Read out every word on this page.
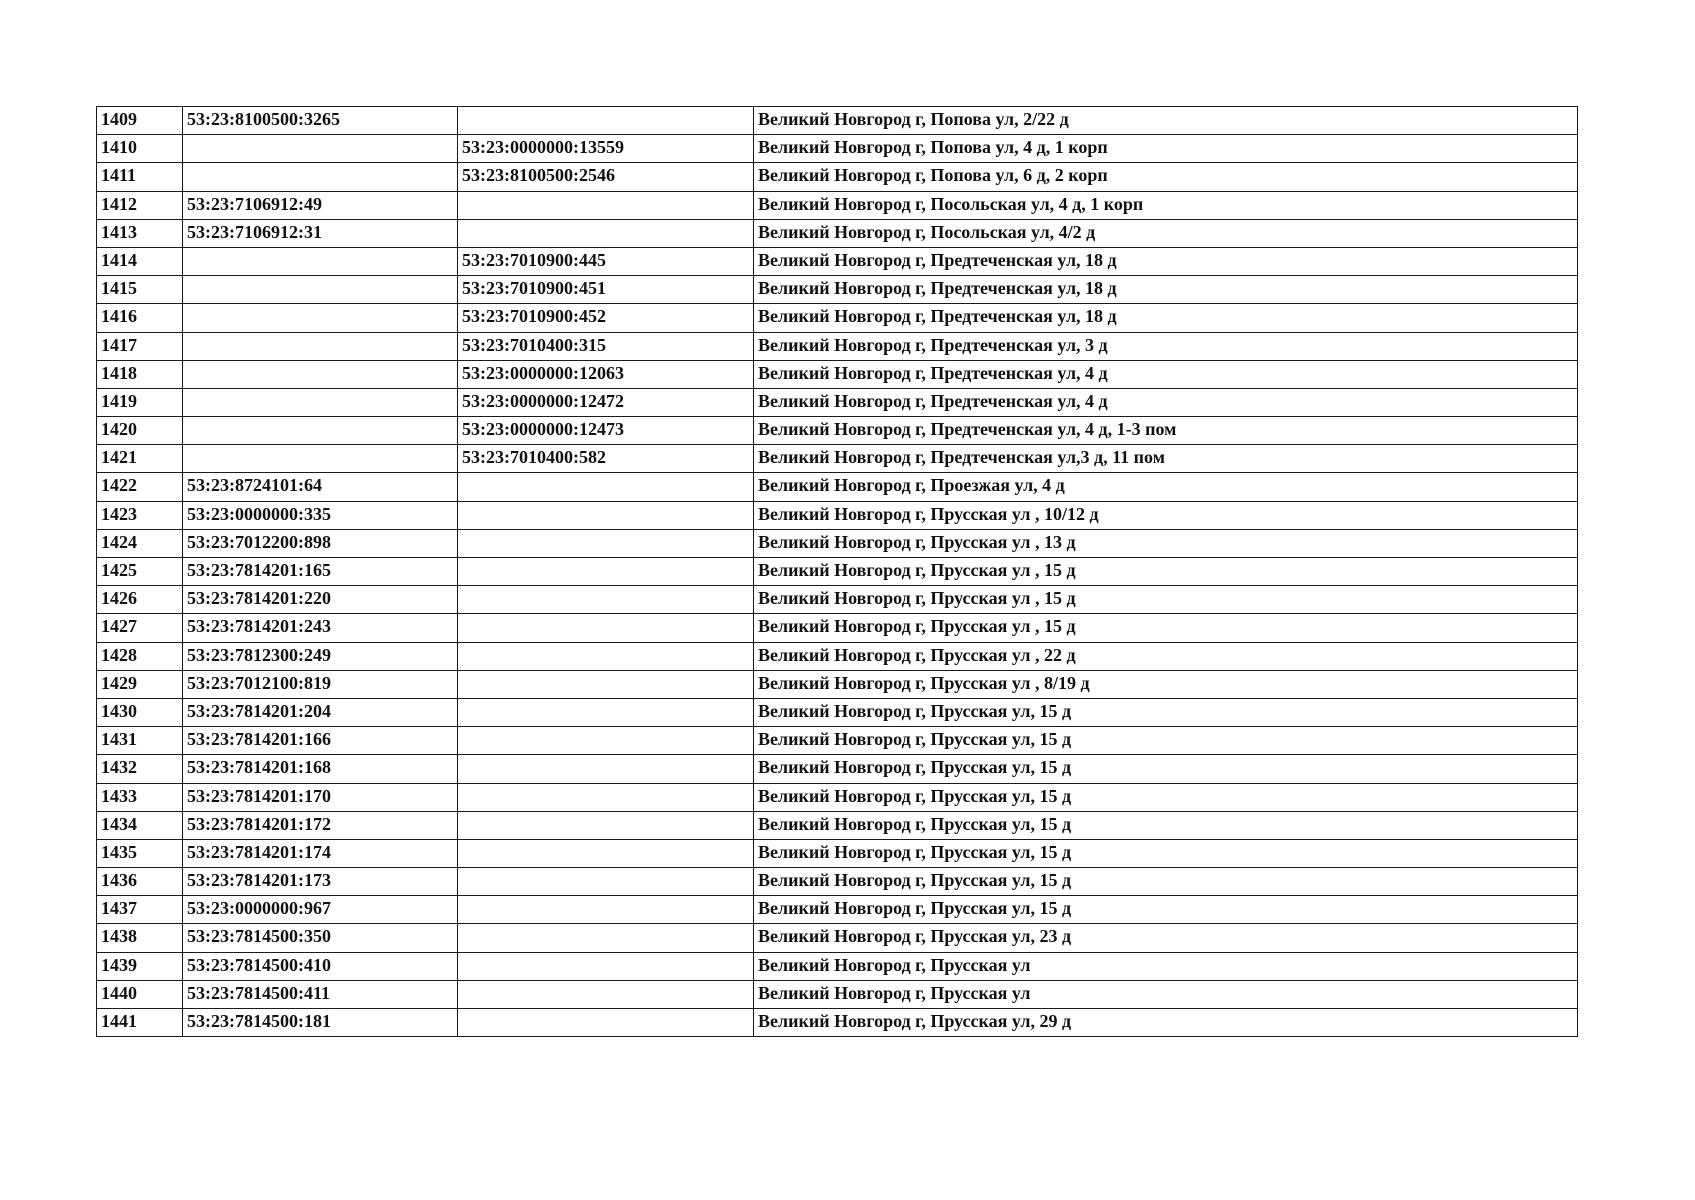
1409	53:23:8100500:3265		Великий Новгород г, Попова ул, 2/22 д
1410		53:23:0000000:13559	Великий Новгород г, Попова ул, 4 д, 1 корп
1411		53:23:8100500:2546	Великий Новгород г, Попова ул, 6 д, 2 корп
1412	53:23:7106912:49		Великий Новгород г, Посольская ул, 4 д, 1 корп
1413	53:23:7106912:31		Великий Новгород г, Посольская ул, 4/2 д
1414		53:23:7010900:445	Великий Новгород г, Предтеченская ул, 18 д
1415		53:23:7010900:451	Великий Новгород г, Предтеченская ул, 18 д
1416		53:23:7010900:452	Великий Новгород г, Предтеченская ул, 18 д
1417		53:23:7010400:315	Великий Новгород г, Предтеченская ул, 3 д
1418		53:23:0000000:12063	Великий Новгород г, Предтеченская ул, 4 д
1419		53:23:0000000:12472	Великий Новгород г, Предтеченская ул, 4 д
1420		53:23:0000000:12473	Великий Новгород г, Предтеченская ул, 4 д, 1-3 пом
1421		53:23:7010400:582	Великий Новгород г, Предтеченская ул,3 д, 11 пом
1422	53:23:8724101:64		Великий Новгород г, Проезжая ул, 4 д
1423	53:23:0000000:335		Великий Новгород г, Прусская ул , 10/12 д
1424	53:23:7012200:898		Великий Новгород г, Прусская ул , 13 д
1425	53:23:7814201:165		Великий Новгород г, Прусская ул , 15 д
1426	53:23:7814201:220		Великий Новгород г, Прусская ул , 15 д
1427	53:23:7814201:243		Великий Новгород г, Прусская ул , 15 д
1428	53:23:7812300:249		Великий Новгород г, Прусская ул , 22 д
1429	53:23:7012100:819		Великий Новгород г, Прусская ул , 8/19 д
1430	53:23:7814201:204		Великий Новгород г, Прусская ул, 15 д
1431	53:23:7814201:166		Великий Новгород г, Прусская ул, 15 д
1432	53:23:7814201:168		Великий Новгород г, Прусская ул, 15 д
1433	53:23:7814201:170		Великий Новгород г, Прусская ул, 15 д
1434	53:23:7814201:172		Великий Новгород г, Прусская ул, 15 д
1435	53:23:7814201:174		Великий Новгород г, Прусская ул, 15 д
1436	53:23:7814201:173		Великий Новгород г, Прусская ул, 15 д
1437	53:23:0000000:967		Великий Новгород г, Прусская ул, 15 д
1438	53:23:7814500:350		Великий Новгород г, Прусская ул, 23 д
1439	53:23:7814500:410		Великий Новгород г, Прусская ул
1440	53:23:7814500:411		Великий Новгород г, Прусская ул
1441	53:23:7814500:181		Великий Новгород г, Прусская ул, 29 д
